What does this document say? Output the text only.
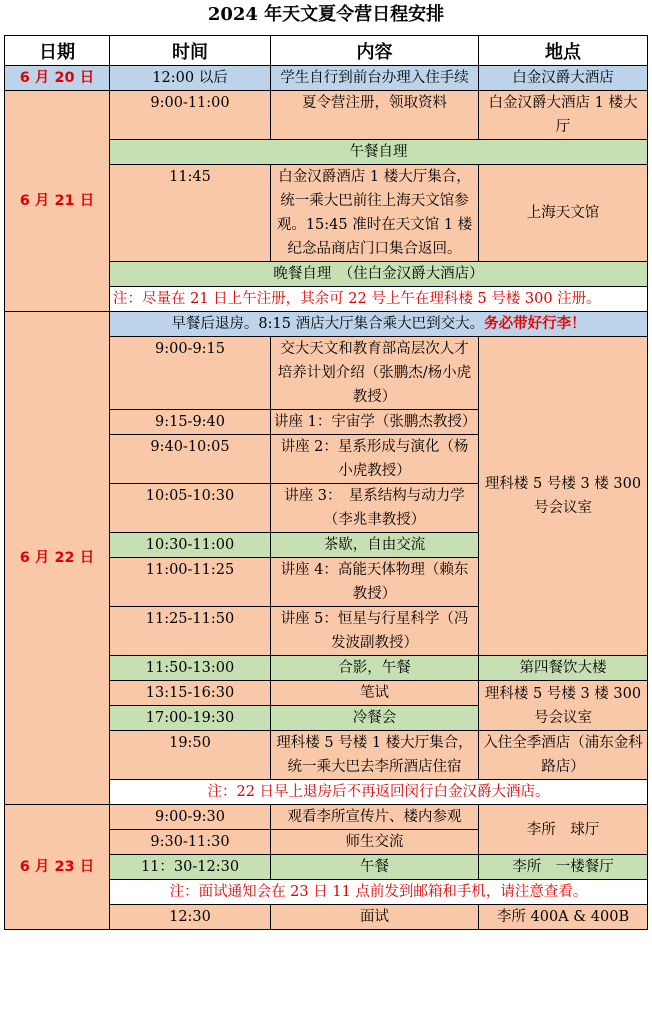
2024 年天文夏令营日程安排
日期	时间	内容	地点
6 月 20 日	12:00 以后	学生自行到前台办理入住手续	白金汉爵大酒店
6 月 21 日	9:00-11:00	夏令营注册，领取资料	白金汉爵大酒店 1 楼大厅
	午餐自理		
	11:45	白金汉爵酒店 1 楼大厅集合，统一乘大巴前往上海天文馆参观。15:45 准时在天文馆 1 楼纪念品商店门口集合返回。	上海天文馆
	晚餐自理　（住白金汉爵大酒店）		
	注：尽量在 21 日上午注册，其余可 22 号上午在理科楼 5 号楼 300 注册。		
6 月 22 日	早餐后退房。8:15 酒店大厅集合乘大巴到交大。务必带好行李！		
	9:00-9:15	交大天文和教育部高层次人才培养计划介绍（张鹏杰/杨小虎教授）	理科楼 5 号楼 3 楼 300 号会议室
	9:15-9:40	讲座 1：宇宙学（张鹏杰教授）	
	9:40-10:05	讲座 2：星系形成与演化（杨小虎教授）	
	10:05-10:30	讲座 3：　星系结构与动力学（李兆聿教授）	
	10:30-11:00	茶歇，自由交流	
	11:00-11:25	讲座 4：高能天体物理（赖东教授）	
	11:25-11:50	讲座 5：恒星与行星科学（冯发波副教授）	
	11:50-13:00	合影，午餐	第四餐饮大楼
	13:15-16:30	笔试	理科楼 5 号楼 3 楼 300 号会议室
	17:00-19:30	冷餐会	
	19:50	理科楼 5 号楼 1 楼大厅集合，统一乘大巴去李所酒店住宿	入住全季酒店（浦东金科路店）
	注：22 日早上退房后不再返回闵行白金汉爵大酒店。		
6 月 23 日	9:00-9:30	观看李所宣传片、楼内参观	李所　球厅
	9:30-11:30	师生交流	
	11：30-12:30	午餐	李所　一楼餐厅
	注：面试通知会在 23 日 11 点前发到邮箱和手机，请注意查看。		
	12:30	面试	李所 400A & 400B
